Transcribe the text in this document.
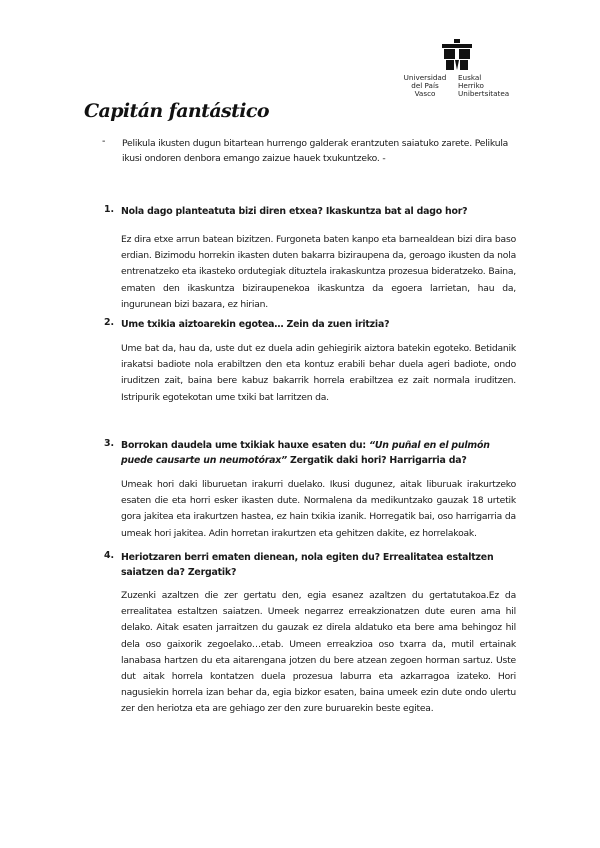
Universidad
del País Vasco
Euskal Herriko
Unibertsitatea
Capitán fantástico
- Pelikula ikusten dugun bitartean hurrengo galderak erantzuten saiatuko zarete. Pelikula ikusi ondoren denbora emango zaizue hauek txukuntzeko. -

1. Nola dago planteatuta bizi diren etxea? Ikaskuntza bat al dago hor?

Ez dira etxe arrun batean bizitzen. Furgoneta baten kanpo eta barnealdean bizi dira baso erdian. Bizimodu horrekin ikasten duten bakarra biziraupena da, geroago ikusten da nola entrenatzeko eta ikasteko ordutegiak dituztela irakaskuntza prozesua bideratzeko. Baina, ematen den ikaskuntza biziraupenekoa ikaskuntza da egoera larrietan, hau da, ingurunean bizi bazara, ez hirian.

2. Ume txikia aiztoarekin egotea… Zein da zuen iritzia?

Ume bat da, hau da, uste dut ez duela adin gehiegirik aiztora batekin egoteko. Betidanik irakatsi badiote nola erabiltzen den eta kontuz erabili behar duela ageri badiote, ondo iruditzen zait, baina bere kabuz bakarrik horrela erabiltzea ez zait normala iruditzen. Istripurik egotekotan ume txiki bat larritzen da.

3. Borrokan daudela ume txikiak hauxe esaten du: “Un puñal en el pulmón puede causarte un neumotórax” Zergatik daki hori? Harrigarria da?

Umeak hori daki liburuetan irakurri duelako. Ikusi dugunez, aitak liburuak irakurtzeko esaten die eta horri esker ikasten dute. Normalena da medikuntzako gauzak 18 urtetik gora jakitea eta irakurtzen hastea, ez hain txikia izanik. Horregatik bai, oso harrigarria da umeak hori jakitea. Adin horretan irakurtzen eta gehitzen dakite, ez horrelakoak.

4. Heriotzaren berri ematen dienean, nola egiten du? Errealitatea estaltzen saiatzen da? Zergatik?

Zuzenki azaltzen die zer gertatu den, egia esanez azaltzen du gertatutakoa.Ez da errealitatea estaltzen saiatzen. Umeek negarrez erreakzionatzen dute euren ama hil delako. Aitak esaten jarraitzen du gauzak ez direla aldatuko eta bere ama behingoz hil dela oso gaixorik zegoelako…etab. Umeen erreakzioa oso txarra da, mutil ertainak lanabasa hartzen du eta aitarengana jotzen du bere atzean zegoen horman sartuz. Uste dut aitak horrela kontatzen duela prozesua laburra eta azkarragoa izateko. Hori nagusiekin horrela izan behar da, egia bizkor esaten, baina umeek ezin dute ondo ulertu zer den heriotza eta are gehiago zer den zure buruarekin beste egitea.
